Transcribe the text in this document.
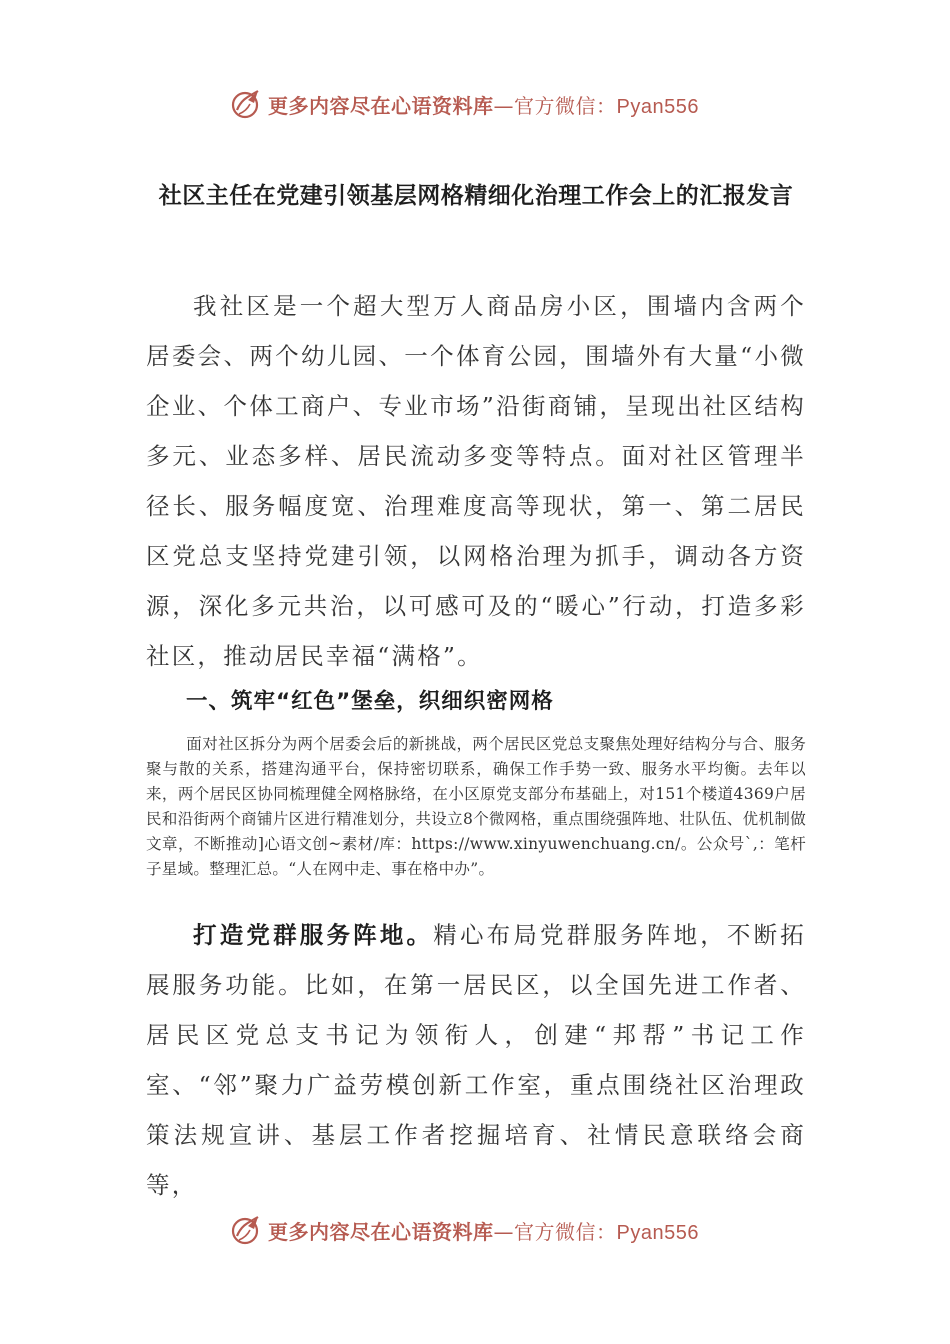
更多内容尽在心语资料库—官方微信：Pyan556
社区主任在党建引领基层网格精细化治理工作会上的汇报发言
我社区是一个超大型万人商品房小区，围墙内含两个居委会、两个幼儿园、一个体育公园，围墙外有大量“小微企业、个体工商户、专业市场”沿街商铺，呈现出社区结构多元、业态多样、居民流动多变等特点。面对社区管理半径长、服务幅度宽、治理难度高等现状，第一、第二居民区党总支坚持党建引领，以网格治理为抓手，调动各方资源，深化多元共治，以可感可及的“暖心”行动，打造多彩社区，推动居民幸福“满格”。
一、筑牢“红色”堡垒，织细织密网格
面对社区拆分为两个居委会后的新挑战，两个居民区党总支聚焦处理好结构分与合、服务聚与散的关系，搭建沟通平台，保持密切联系，确保工作手势一致、服务水平均衡。去年以来，两个居民区协同梳理健全网格脉络，在小区原党支部分布基础上，对151个楼道4369户居民和沿街两个商铺片区进行精准划分，共设立8个微网格，重点围绕强阵地、壮队伍、优机制做文章，不断推动]心语文创~素材/库：https://www.xinyuwenchuang.cn/。公众号`,：笔杆子星域。整理汇总。“人在网中走、事在格中办”。
打造党群服务阵地。精心布局党群服务阵地，不断拓展服务功能。比如，在第一居民区，以全国先进工作者、居民区党总支书记为领衔人，创建“邦帮”书记工作室、“邻”聚力广益劳模创新工作室，重点围绕社区治理政策法规宣讲、基层工作者挖掘培育、社情民意联络会商等，
更多内容尽在心语资料库—官方微信：Pyan556
